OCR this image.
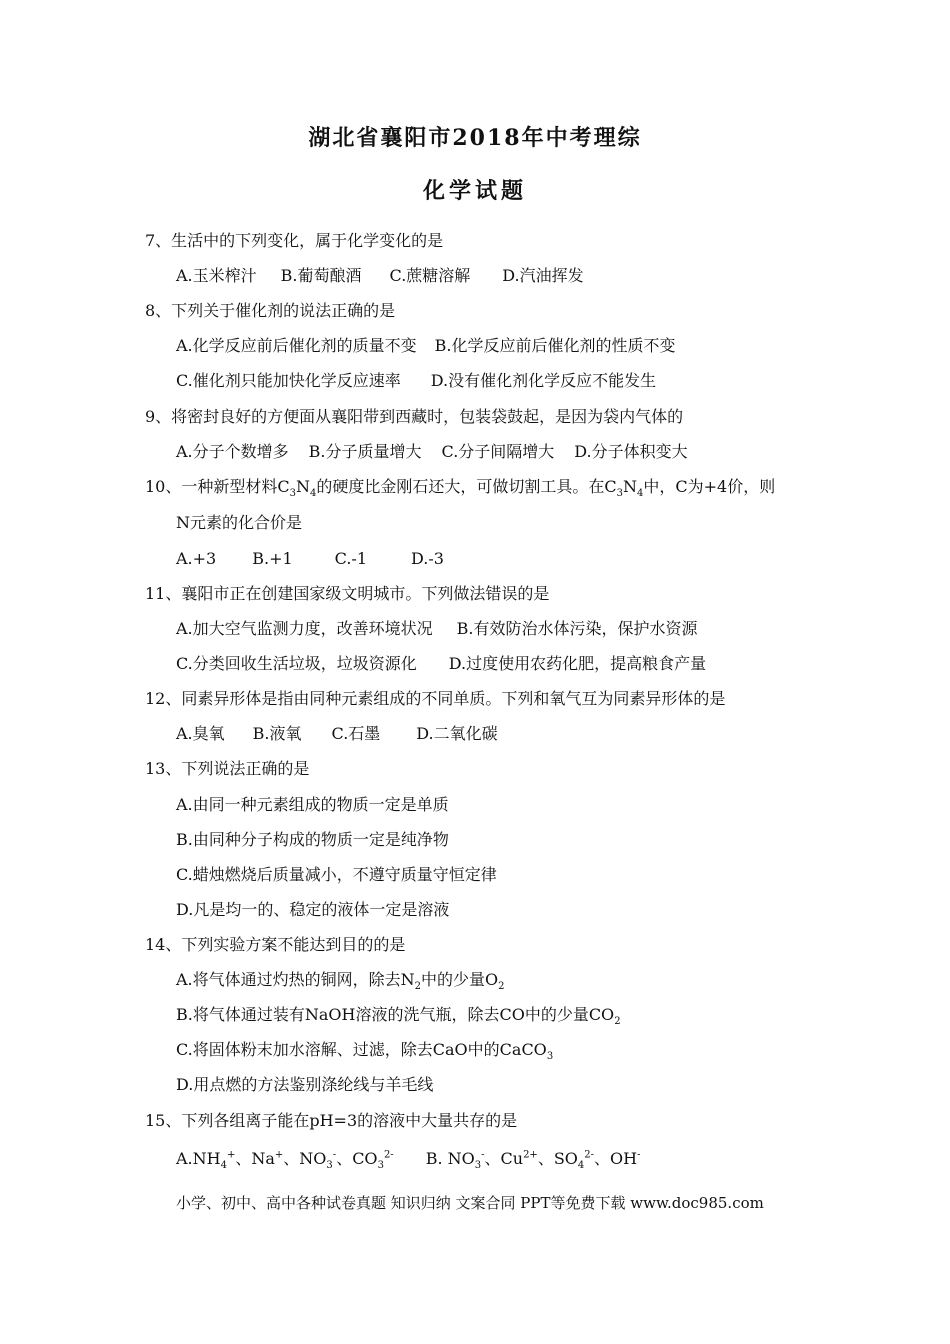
湖北省襄阳市2018年中考理综
化学试题
7、生活中的下列变化，属于化学变化的是
A.玉米榨汁 B.葡萄酿酒 C.蔗糖溶解 D.汽油挥发
8、下列关于催化剂的说法正确的是
A.化学反应前后催化剂的质量不变 B.化学反应前后催化剂的性质不变
C.催化剂只能加快化学反应速率 D.没有催化剂化学反应不能发生
9、将密封良好的方便面从襄阳带到西藏时，包装袋鼓起，是因为袋内气体的
A.分子个数增多 B.分子质量增大 C.分子间隔增大 D.分子体积变大
10、一种新型材料$C_3N_4$的硬度比金刚石还大，可做切割工具。在$C_3N_4$中，C为+4价，则
N元素的化合价是
A.+3 B.+1	C.-1	D.-3
11、襄阳市正在创建国家级文明城市。下列做法错误的是
A.加大空气监测力度，改善环境状况 B.有效防治水体污染，保护水资源
C.分类回收生活垃圾，垃圾资源化 D.过度使用农药化肥，提高粮食产量
12、同素异形体是指由同种元素组成的不同单质。下列和氧气互为同素异形体的是
A.臭氧 B.液氧 C.石墨 D.二氧化碳
13、下列说法正确的是
A.由同一种元素组成的物质一定是单质
B.由同种分子构成的物质一定是纯净物
C.蜡烛燃烧后质量减小，不遵守质量守恒定律
D.凡是均一的、稳定的液体一定是溶液
14、下列实验方案不能达到目的的是
A.将气体通过灼热的铜网，除去$N_2$中的少量$O_2$
B.将气体通过装有NaOH溶液的洗气瓶，除去CO中的少量$CO_2$
C.将固体粉末加水溶解、过滤，除去CaO中的CaCO$_3$
D.用点燃的方法鉴别涤纶线与羊毛线
15、下列各组离子能在pH=3的溶液中大量共存的是
$A.NH_4^+$、Na+、$NO_3^-$、$CO_3^{2-}$ B. $NO_3^-$、$Cu^{2+}$、$SO_4^{2-}$、OH-
小学、初中、高中各种试卷真题 知识归纳 文案合同 PPT等免费下载 www.doc985.com
